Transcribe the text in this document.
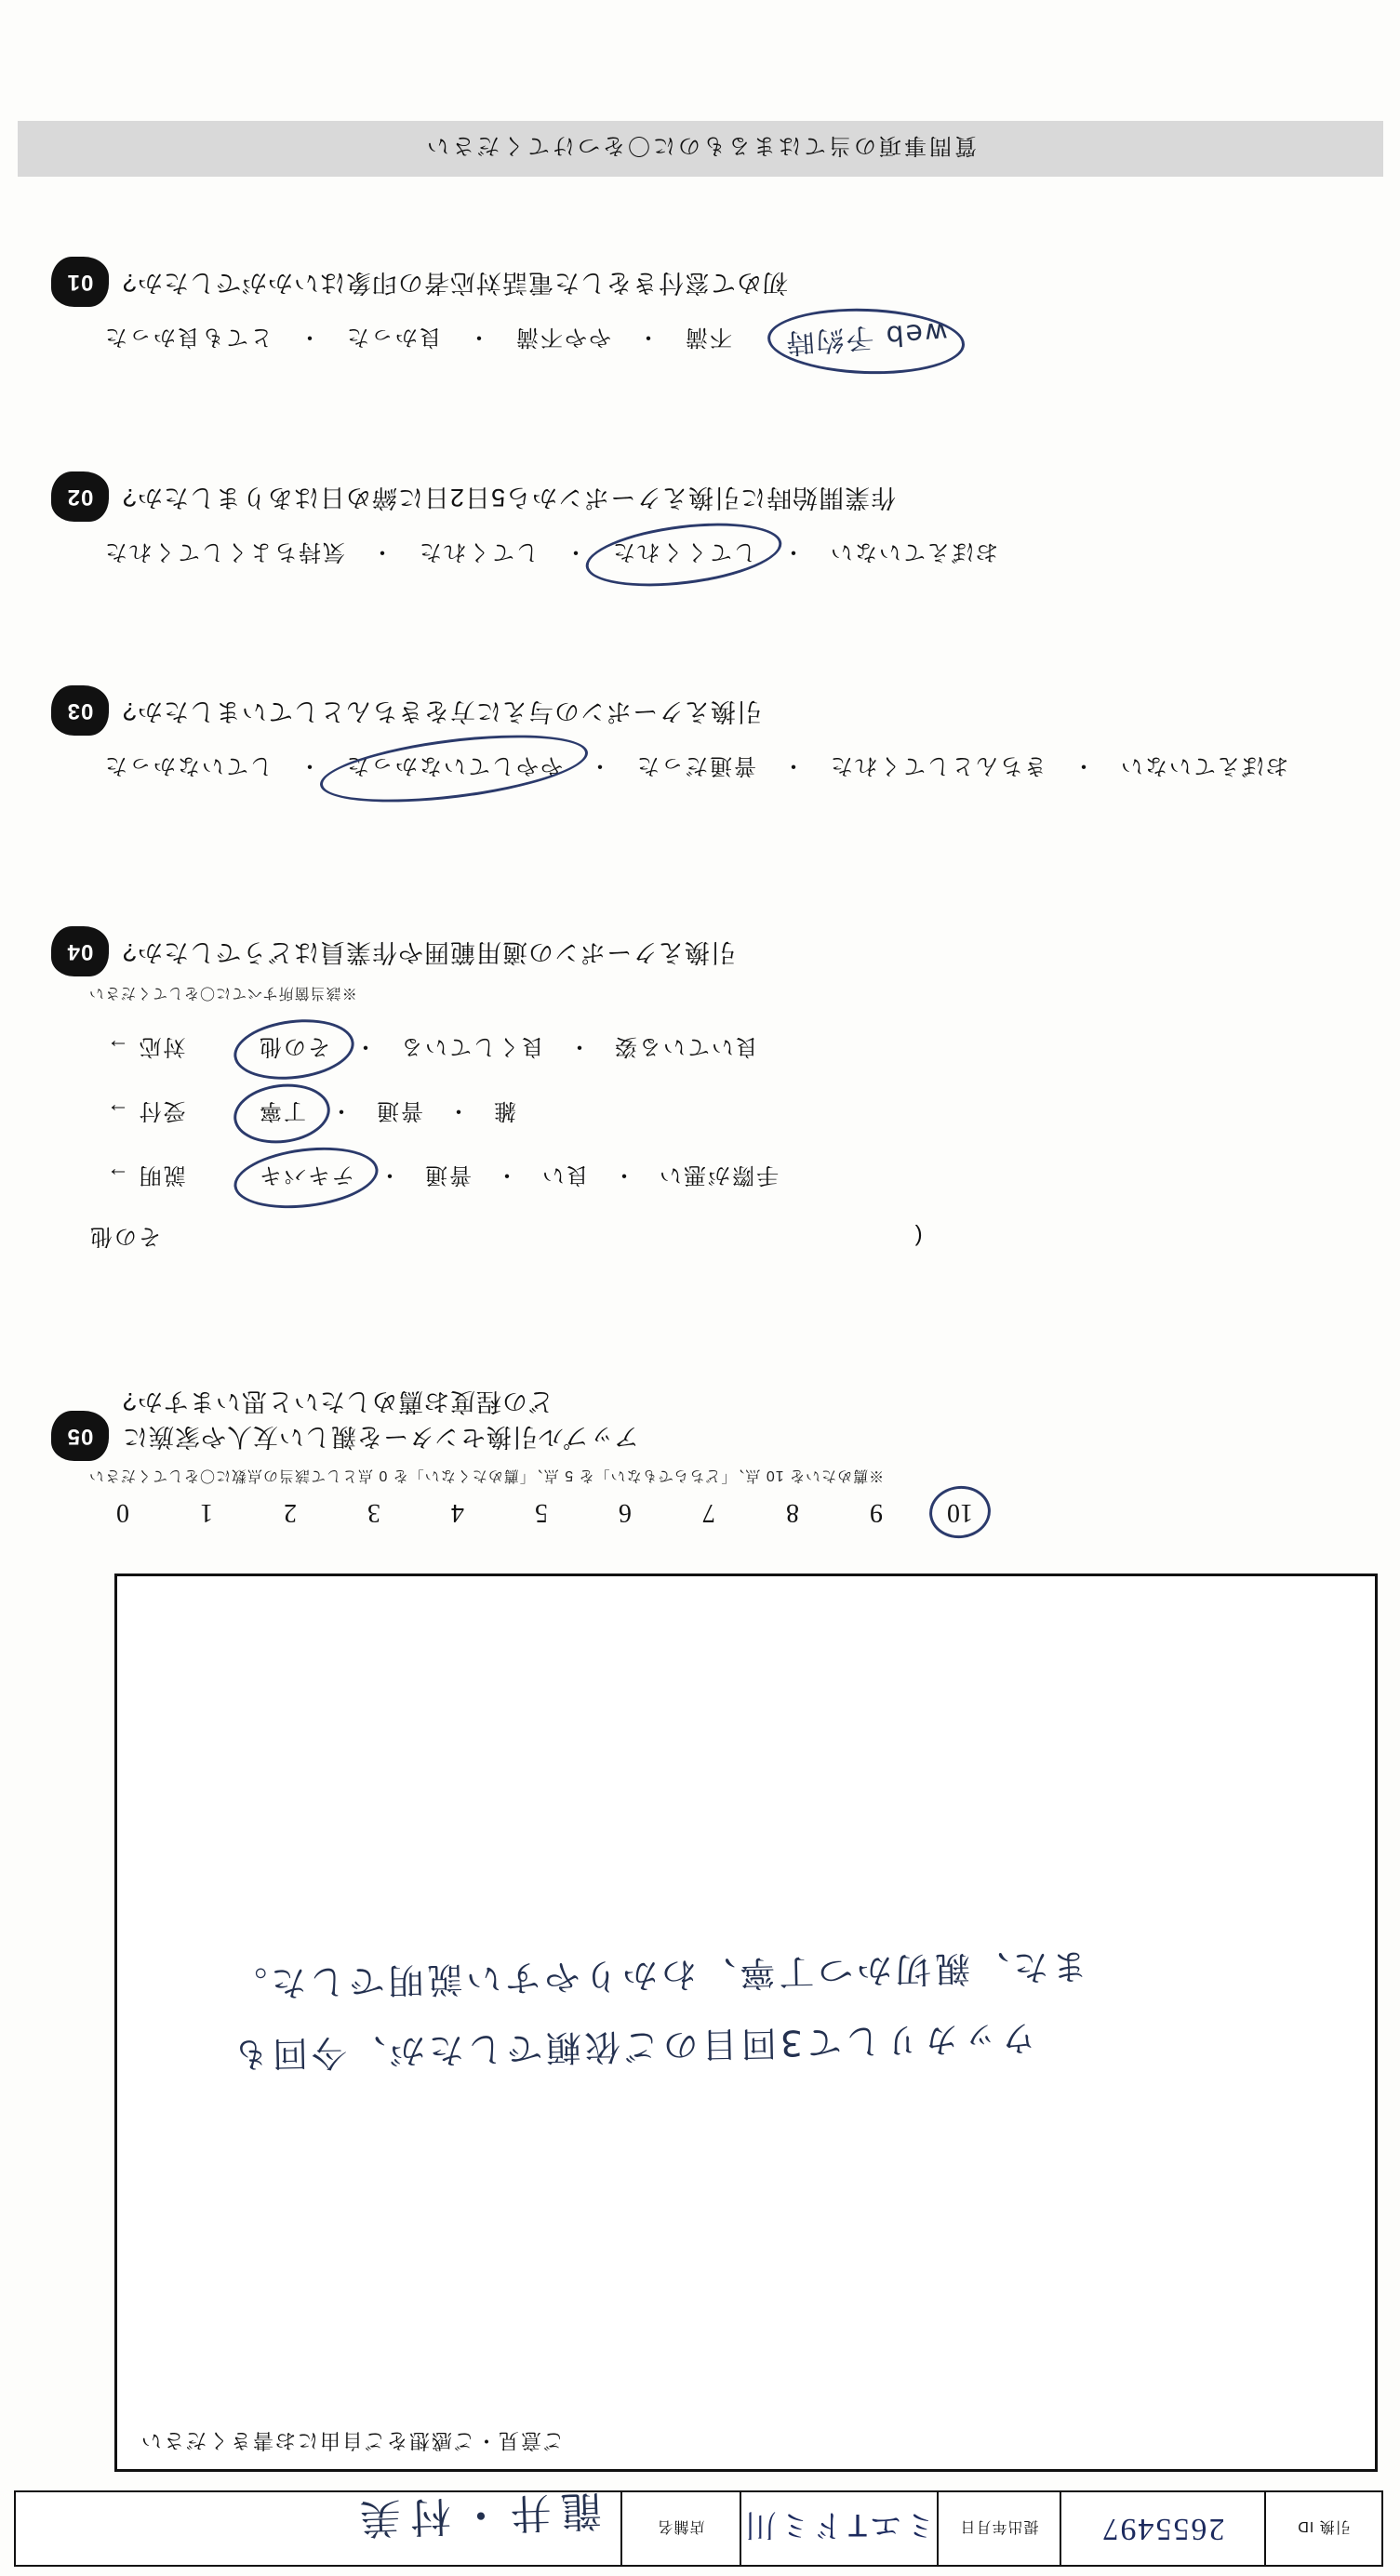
引換 ID
2655497
提出年月日
ミエTドミ川
店舗名
龍井・村美
ご意見・ご感想をご自由にお書きください
ウッカリして3回目のご依頼でしたが、今回も
また、親切かつ丁寧、わかりやすい説明でした。
10
9
8
7
6
5
4
3
2
1
0
※薦めたいを 10 点、「どちらでもない」を 5 点、「薦めたくない」を 0 点として該当の点数に〇をしてください
アップル引換センターを親しい友人や家族に
どの程度お薦めしたいと思いますか?
05
( その他
手際が悪い
・
良い
・
普通
・
テキパキ
説明 →
雑
・
普通
・
丁寧
受付 →
良いている姿
・
良くしている
・
その他
対応 →
※該当箇所すべてに〇をしてください
引換えクーポンの適用範囲や作業員はどうでしたか?
04
おぼえていない
・
きちんとしてくれた
・
普通だった
・
ややしていなかった
・
していなかった
引換えクーポンの与えに方をきちんとしていましたか?
03
おぼえていない
・
してくくれた
・
してくれた
・
気持ちよくしてくれた
作業開始時に引換えクーポンから5日2日に締め日はありましたか?
02
web 予約時
不満
・
やや不満
・
良かった
・
とても良かった
初めて窓付きをした電話対応者の印象はいかがでしたか?
01
質問事項の当てはまるものに〇をつけてください
